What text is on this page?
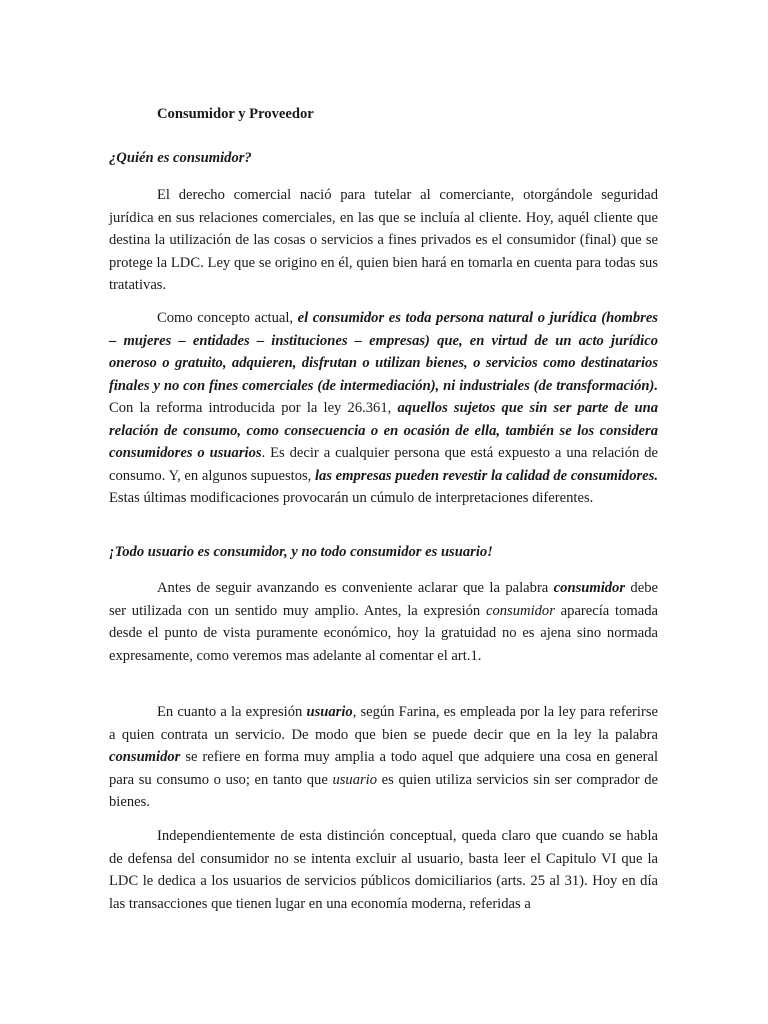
Consumidor y Proveedor
¿Quién es consumidor?

El derecho comercial nació para tutelar al comerciante, otorgándole seguridad jurídica en sus relaciones comerciales, en las que se incluía al cliente. Hoy, aquél cliente que destina la utilización de las cosas o servicios a fines privados es el consumidor (final) que se protege la LDC. Ley que se origino en él, quien bien hará en tomarla en cuenta para todas sus tratativas.

Como concepto actual, el consumidor es toda persona natural o jurídica (hombres – mujeres – entidades – instituciones – empresas) que, en virtud de un acto jurídico oneroso o gratuito, adquieren, disfrutan o utilizan bienes, o servicios como destinatarios finales y no con fines comerciales (de intermediación), ni industriales (de transformación). Con la reforma introducida por la ley 26.361, aquellos sujetos que sin ser parte de una relación de consumo, como consecuencia o en ocasión de ella, también se los considera consumidores o usuarios. Es decir a cualquier persona que está expuesto a una relación de consumo. Y, en algunos supuestos, las empresas pueden revestir la calidad de consumidores. Estas últimas modificaciones provocarán un cúmulo de interpretaciones diferentes.

¡Todo usuario es consumidor, y no todo consumidor es usuario!

Antes de seguir avanzando es conveniente aclarar que la palabra consumidor debe ser utilizada con un sentido muy amplio. Antes, la expresión consumidor aparecía tomada desde el punto de vista puramente económico, hoy la gratuidad no es ajena sino normada expresamente, como veremos mas adelante al comentar el art.1.

En cuanto a la expresión usuario, según Farina, es empleada por la ley para referirse a quien contrata un servicio. De modo que bien se puede decir que en la ley la palabra consumidor se refiere en forma muy amplia a todo aquel que adquiere una cosa en general para su consumo o uso; en tanto que usuario es quien utiliza servicios sin ser comprador de bienes.

Independientemente de esta distinción conceptual, queda claro que cuando se habla de defensa del consumidor no se intenta excluir al usuario, basta leer el Capitulo VI que la LDC le dedica a los usuarios de servicios públicos domiciliarios (arts. 25 al 31). Hoy en día las transacciones que tienen lugar en una economía moderna, referidas a
